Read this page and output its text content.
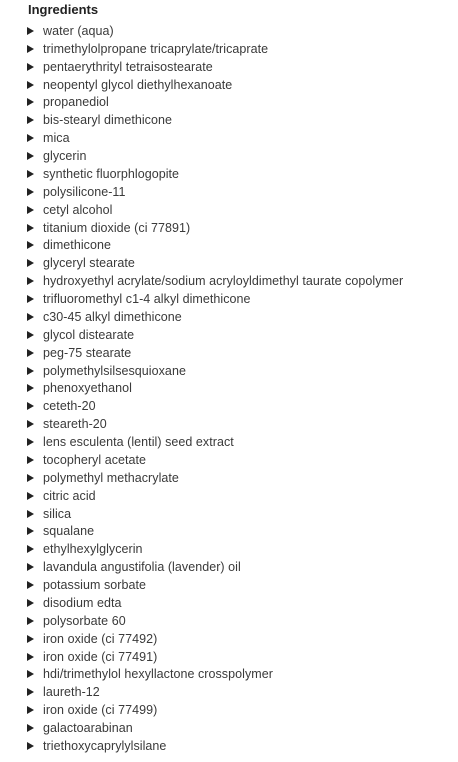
Ingredients
water (aqua)
trimethylolpropane tricaprylate/tricaprate
pentaerythrityl tetraisostearate
neopentyl glycol diethylhexanoate
propanediol
bis-stearyl dimethicone
mica
glycerin
synthetic fluorphlogopite
polysilicone-11
cetyl alcohol
titanium dioxide (ci 77891)
dimethicone
glyceryl stearate
hydroxyethyl acrylate/sodium acryloyldimethyl taurate copolymer
trifluoromethyl c1-4 alkyl dimethicone
c30-45 alkyl dimethicone
glycol distearate
peg-75 stearate
polymethylsilsesquioxane
phenoxyethanol
ceteth-20
steareth-20
lens esculenta (lentil) seed extract
tocopheryl acetate
polymethyl methacrylate
citric acid
silica
squalane
ethylhexylglycerin
lavandula angustifolia (lavender) oil
potassium sorbate
disodium edta
polysorbate 60
iron oxide (ci 77492)
iron oxide (ci 77491)
hdi/trimethylol hexyllactone crosspolymer
laureth-12
iron oxide (ci 77499)
galactoarabinan
triethoxycaprylylsilane
